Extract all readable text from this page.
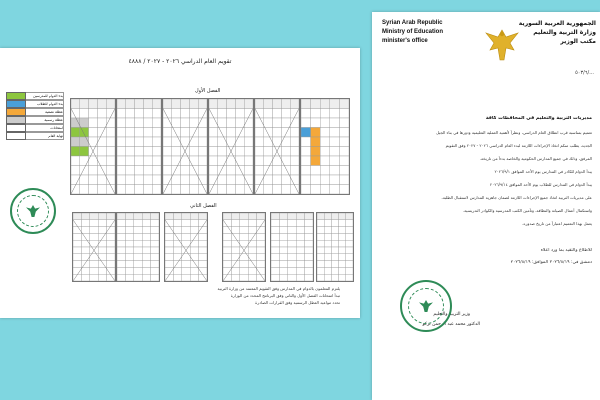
تقويم العام الدراسي ٢٠٢٦ - ٢٠٢٧ / ٤٨٨٨
بدء الدوام للمدرسين
بدء الدوام للطلاب
عطلة نصفية
عطلة رسمية
امتحانات
نهاية العام
الفصل الأول
الفصل الثاني
يلتزم المعلمون بالدوام في المدارس وفق التقويم المعتمد من وزارة التربية
تبدأ امتحانات الفصل الأول والثاني وفق البرنامج المحدد من الوزارة
تحدد مواعيد العطل الرسمية وفق القرارات الصادرة
Syrian Arab Republic
Ministry of Education
minister's office
الجمهورية العربية السورية
وزارة التربية والتعليم
مكتب الوزير
٥٠٣/٦/...
مديريات التربية والتعليم في المحافظات كافة
تعميم بمناسبة قرب انطلاق العام الدراسي، ونظراً لأهمية العملية التعليمية ودورها في بناء الجيل
الجديد، يطلب منكم اتخاذ الإجراءات اللازمة لبدء العام الدراسي ٢٠٢٦ - ٢٠٢٧ وفق التقويم
المرفق، وذلك في جميع المدارس الحكومية والخاصة بدءاً من تاريخه.
يبدأ الدوام للكادر في المدارس يوم الأحد الموافق ٢٠٢٦/٩/١
يبدأ الدوام في المدارس للطلاب يوم الأحد الموافق ٢٠٢٦/٩/١٤
على مديريات التربية اتخاذ جميع الإجراءات اللازمة لضمان جاهزية المدارس لاستقبال الطلبة،
واستكمال أعمال الصيانة والنظافة، وتأمين الكتب المدرسية والكوادر التدريسية.
يعمل بهذا التعميم اعتباراً من تاريخ صدوره.
للاطلاع والتقيد بما ورد أعلاه
دمشق في: ٢٠٢٦/٨/١٩ الموافق: ٢٠٢٦/٨/١٩
وزير التربية والتعليم
الدكتور محمد عبد الرحمن تركو
